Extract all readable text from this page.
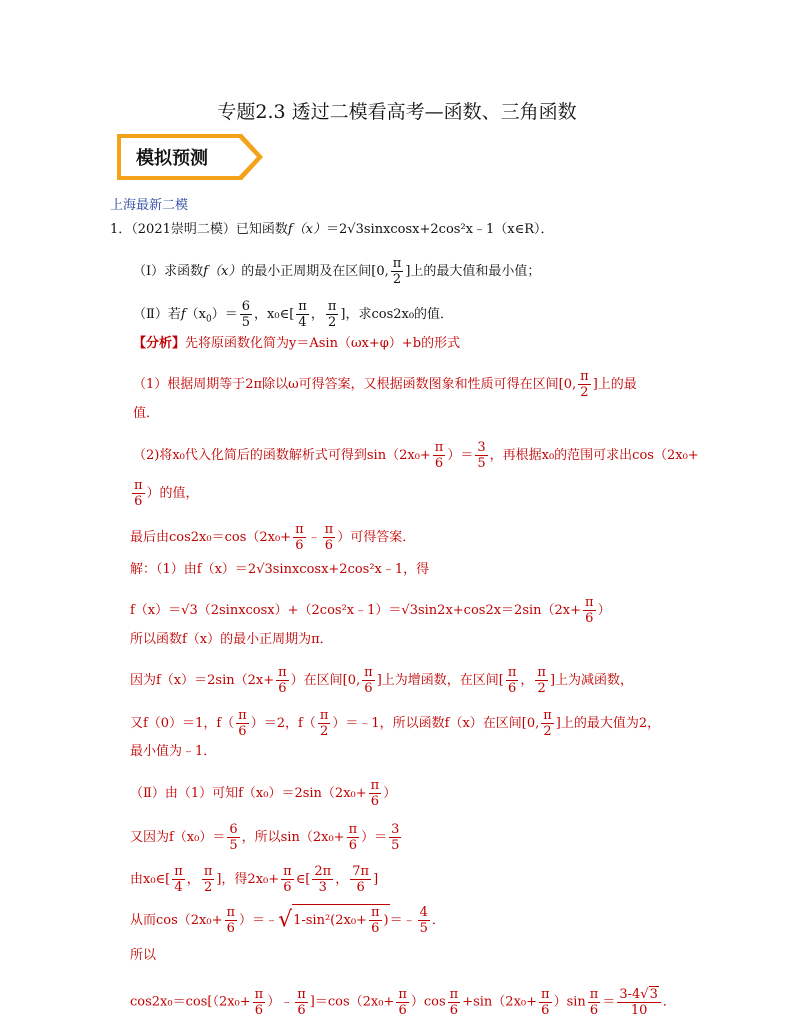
专题2.3 透过二模看高考—函数、三角函数
模拟预测
上海最新二模
1．（2021崇明二模）已知函数f（x）＝2√3sinxcosx+2cos²x﹣1（x∈R）．
（Ⅰ）求函数f（x）的最小正周期及在区间[0, $\frac{\pi}{2}$ ]上的最大值和最小值；
（Ⅱ）若$f(x_0)= \frac{6}{5}$ ，x₀∈[ $\frac{\pi}{4}$ ， $\frac{\pi}{2}$ ]，求cos2x₀的值．
【分析】先将原函数化简为y＝Asin（ωx+φ）+b的形式
（1）根据周期等于2π除以ω可得答案，又根据函数图象和性质可得在区间[0, $\frac{\pi}{2}$ ]上的最
值．
（2)将x₀代入化简后的函数解析式可得到$\sin(2x_0+ \frac{\pi}{6}$ ）＝ $\frac{3}{5}$ ，再根据x₀的范围可求出cos（2x₀+
$\frac{\pi}{6}$ ）的值，
最后由$\cos 2x_0=\cos(2x_0+ \frac{\pi}{6}$ ﹣ $\frac{\pi}{6}$ ）可得答案．
解：（1）由f（x）＝2√3sinxcosx+2cos²x﹣1，得
f（x）＝√3（2sinxcosx）+（2cos²x﹣1）＝√3sin2x+cos2x＝2sin（2x+ $\frac{\pi}{6}$ ）
所以函数f（x）的最小正周期为π．
因为$f(x)=2\sin(2x+ \frac{\pi}{6}$ ）在区间[0, $\frac{\pi}{6}$ ]上为增函数，在区间[ $\frac{\pi}{6}$ ， $\frac{\pi}{2}$ ]上为减函数，
又f（0）＝1，$f( \frac{\pi}{6} )=2$，$f( \frac{\pi}{2}$ ）＝﹣1，所以函数f（x）在区间[0, $\frac{\pi}{2}$ ]上的最大值为2，
最小值为﹣1．
（Ⅱ）由（1）可知$f(x_0)=2\sin(2x_0+ \frac{\pi}{6}$ ）
又因为$f(x_0)= \frac{6}{5}$ ，所以$\sin(2x_0+ \frac{\pi}{6}$ ）＝ $\frac{3}{5}$
由x₀∈[ $\frac{\pi}{4}$ ， $\frac{\pi}{2}$ ]，得$2x_0+ \frac{\pi}{6}$ ∈[ $\frac{2\pi}{3}$ ， $\frac{7\pi}{6}$ ]
从而$\cos(2x_0+ \frac{\pi}{6}$ ）＝﹣√1-sin²(2x₀+ $\frac{\pi}{6}$ )＝﹣ $\frac{4}{5}$ ．
所以
$\cos 2x_0=\cos[(2x_0+ \frac{\pi}{6}$ ）﹣ $\frac{\pi}{6} ]=\cos(2x_0+ \frac{\pi}{6} )\cos \frac{\pi}{6} +\sin(2x_0+ \frac{\pi}{6} )\sin \frac{\pi}{6} = \frac{3-4√3}{10}$ ．
